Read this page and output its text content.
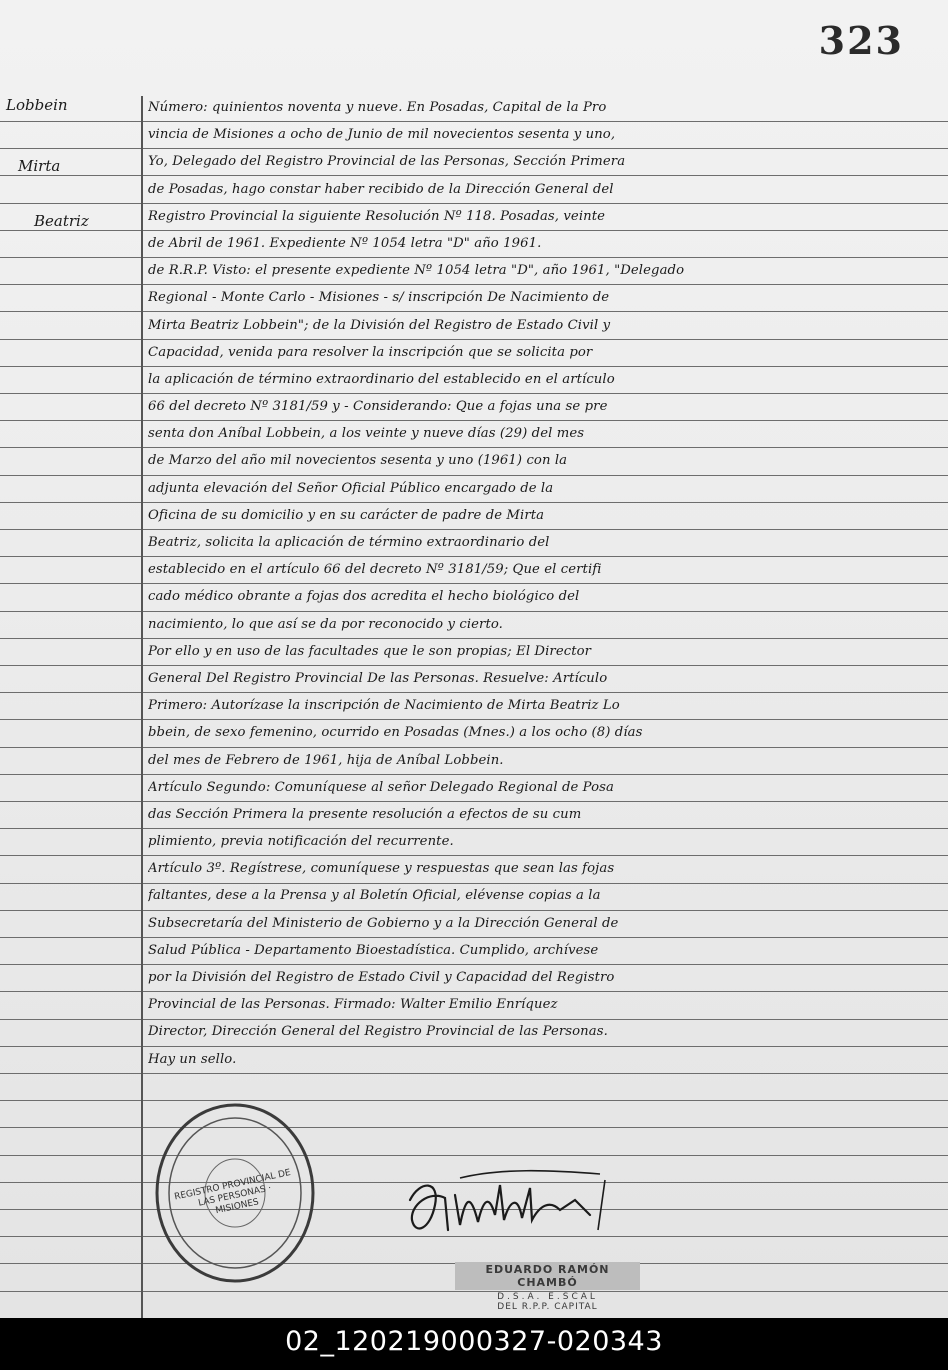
323
Lobbein
Mirta
Beatriz
Número: quinientos noventa y nueve. En Posadas, Capital de la Pro
vincia de Misiones a ocho de Junio de mil novecientos sesenta y uno,
Yo, Delegado del Registro Provincial de las Personas, Sección Primera
de Posadas, hago constar haber recibido de la Dirección General del
Registro Provincial la siguiente Resolución Nº 118. Posadas, veinte
de Abril de 1961. Expediente Nº 1054 letra "D" año 1961.
de R.R.P. Visto: el presente expediente Nº 1054 letra "D", año 1961, "Delegado
Regional - Monte Carlo - Misiones - s/ inscripción De Nacimiento de
Mirta Beatriz Lobbein"; de la División del Registro de Estado Civil y
Capacidad, venida para resolver la inscripción que se solicita por
la aplicación de término extraordinario del establecido en el artículo
66 del decreto Nº 3181/59 y - Considerando: Que a fojas una se pre
senta don Aníbal Lobbein, a los veinte y nueve días (29) del mes
de Marzo del año mil novecientos sesenta y uno (1961) con la
adjunta elevación del Señor Oficial Público encargado de la
Oficina de su domicilio y en su carácter de padre de Mirta
Beatriz, solicita la aplicación de término extraordinario del
establecido en el artículo 66 del decreto Nº 3181/59; Que el certifi
cado médico obrante a fojas dos acredita el hecho biológico del
nacimiento, lo que así se da por reconocido y cierto.
Por ello y en uso de las facultades que le son propias; El Director
General Del Registro Provincial De las Personas. Resuelve: Artículo
Primero: Autorízase la inscripción de Nacimiento de Mirta Beatriz Lo
bbein, de sexo femenino, ocurrido en Posadas (Mnes.) a los ocho (8) días
del mes de Febrero de 1961, hija de Aníbal Lobbein.
Artículo Segundo: Comuníquese al señor Delegado Regional de Posa
das Sección Primera la presente resolución a efectos de su cum
plimiento, previa notificación del recurrente.
Artículo 3º. Regístrese, comuníquese y respuestas que sean las fojas
faltantes, dese a la Prensa y al Boletín Oficial, elévense copias a la
Subsecretaría del Ministerio de Gobierno y a la Dirección General de
Salud Pública - Departamento Bioestadística. Cumplido, archívese
por la División del Registro de Estado Civil y Capacidad del Registro
Provincial de las Personas. Firmado: Walter Emilio Enríquez
Director, Dirección General del Registro Provincial de las Personas.
Hay un sello.
REGISTRO PROVINCIAL DE LAS PERSONAS · MISIONES
EDUARDO RAMÓN CHAMBÓ
D.S.A. E.SCAL
DEL R.P.P. CAPITAL
02_120219000327-020343
